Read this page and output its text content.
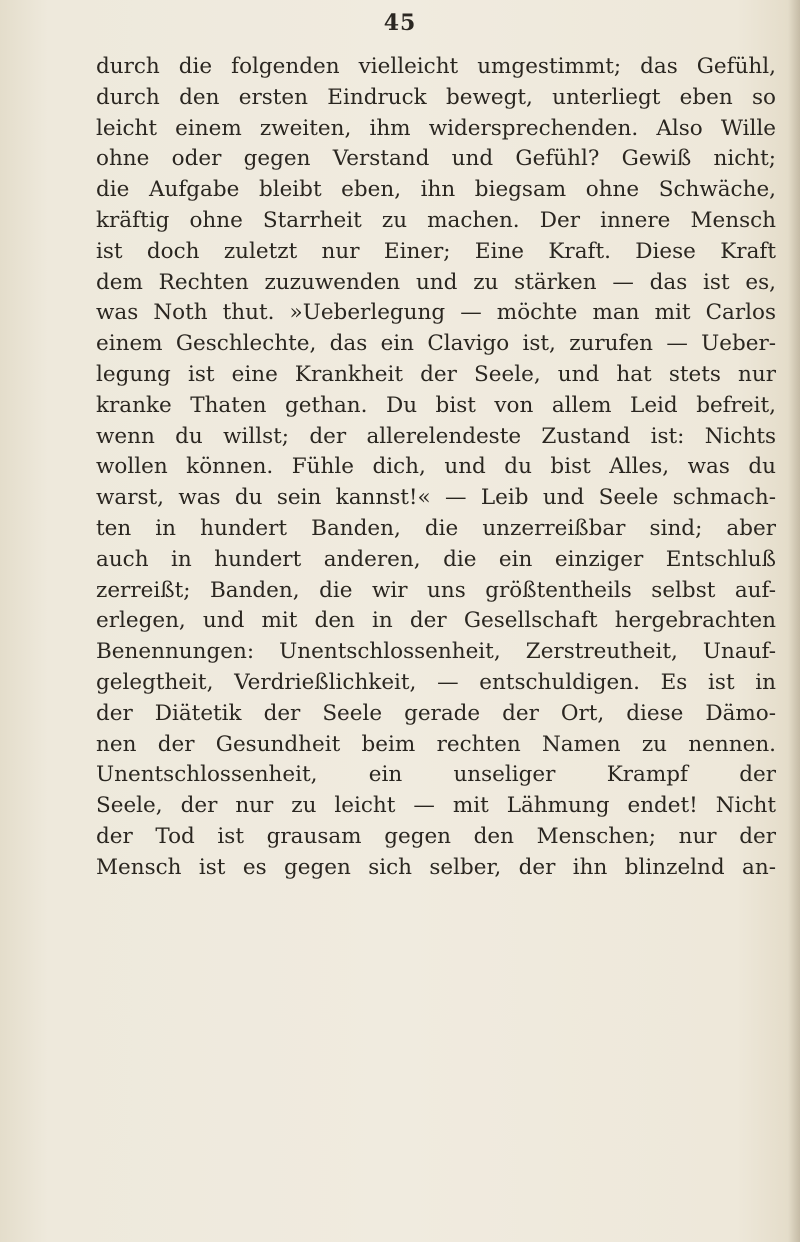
45
durch die folgenden vielleicht umgestimmt; das Gefühl,
durch den ersten Eindruck bewegt, unterliegt eben so
leicht einem zweiten, ihm widersprechenden. Also Wille
ohne oder gegen Verstand und Gefühl? Gewiß nicht;
die Aufgabe bleibt eben, ihn biegsam ohne Schwäche,
kräftig ohne Starrheit zu machen. Der innere Mensch
ist doch zuletzt nur Einer; Eine Kraft. Diese Kraft
dem Rechten zuzuwenden und zu stärken — das ist es,
was Noth thut. »Ueberlegung — möchte man mit Carlos
einem Geschlechte, das ein Clavigo ist, zurufen — Ueber-
legung ist eine Krankheit der Seele, und hat stets nur
kranke Thaten gethan. Du bist von allem Leid befreit,
wenn du willst; der allerelendeste Zustand ist: Nichts
wollen können. Fühle dich, und du bist Alles, was du
warst, was du sein kannst!« — Leib und Seele schmach-
ten in hundert Banden, die unzerreißbar sind; aber
auch in hundert anderen, die ein einziger Entschluß
zerreißt; Banden, die wir uns größtentheils selbst auf-
erlegen, und mit den in der Gesellschaft hergebrachten
Benennungen: Unentschlossenheit, Zerstreutheit, Unauf-
gelegtheit, Verdrießlichkeit, — entschuldigen. Es ist in
der Diätetik der Seele gerade der Ort, diese Dämo-
nen der Gesundheit beim rechten Namen zu nennen.
Unentschlossenheit, ein unseliger Krampf der
Seele, der nur zu leicht — mit Lähmung endet! Nicht
der Tod ist grausam gegen den Menschen; nur der
Mensch ist es gegen sich selber, der ihn blinzelnd an-
